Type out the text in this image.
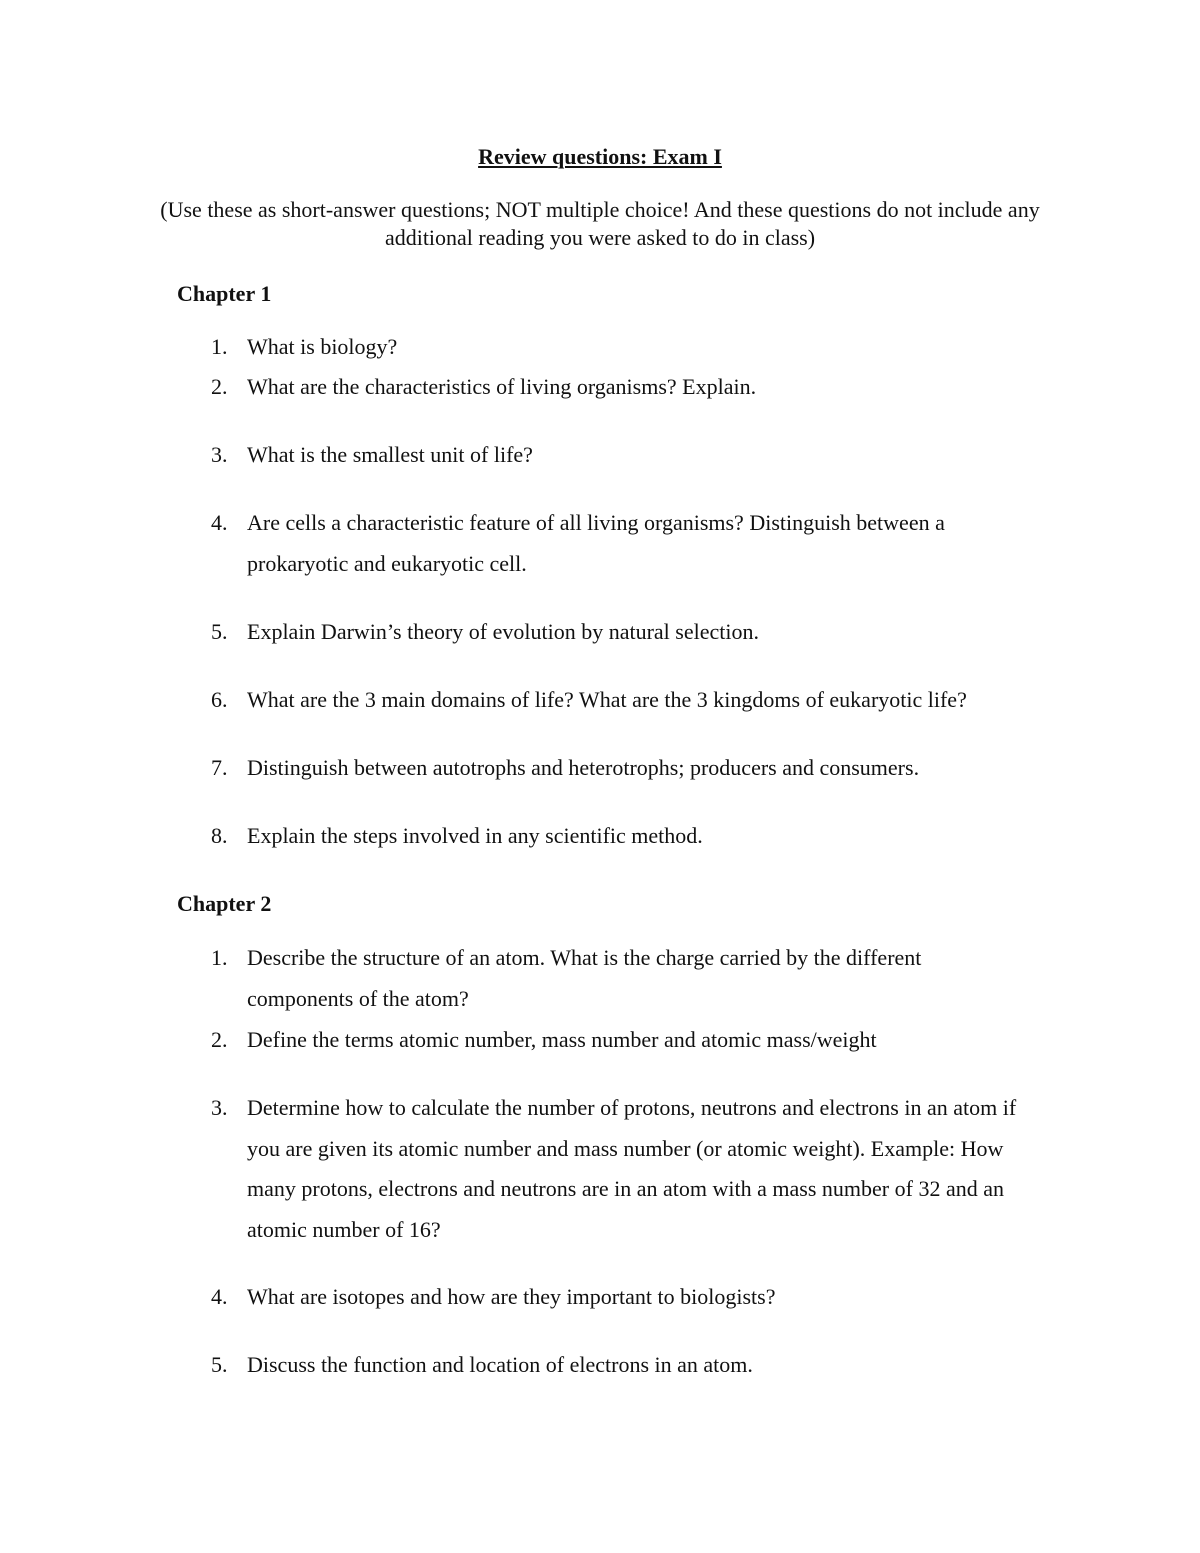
Review questions: Exam I
(Use these as short-answer questions; NOT multiple choice! And these questions do not include any additional reading you were asked to do in class)
Chapter 1
1. What is biology?
2. What are the characteristics of living organisms? Explain.
3. What is the smallest unit of life?
4. Are cells a characteristic feature of all living organisms? Distinguish between a prokaryotic and eukaryotic cell.
5. Explain Darwin’s theory of evolution by natural selection.
6. What are the 3 main domains of life? What are the 3 kingdoms of eukaryotic life?
7. Distinguish between autotrophs and heterotrophs; producers and consumers.
8. Explain the steps involved in any scientific method.
Chapter 2
1. Describe the structure of an atom. What is the charge carried by the different components of the atom?
2. Define the terms atomic number, mass number and atomic mass/weight
3. Determine how to calculate the number of protons, neutrons and electrons in an atom if you are given its atomic number and mass number (or atomic weight). Example: How many protons, electrons and neutrons are in an atom with a mass number of 32 and an atomic number of 16?
4. What are isotopes and how are they important to biologists?
5. Discuss the function and location of electrons in an atom.
